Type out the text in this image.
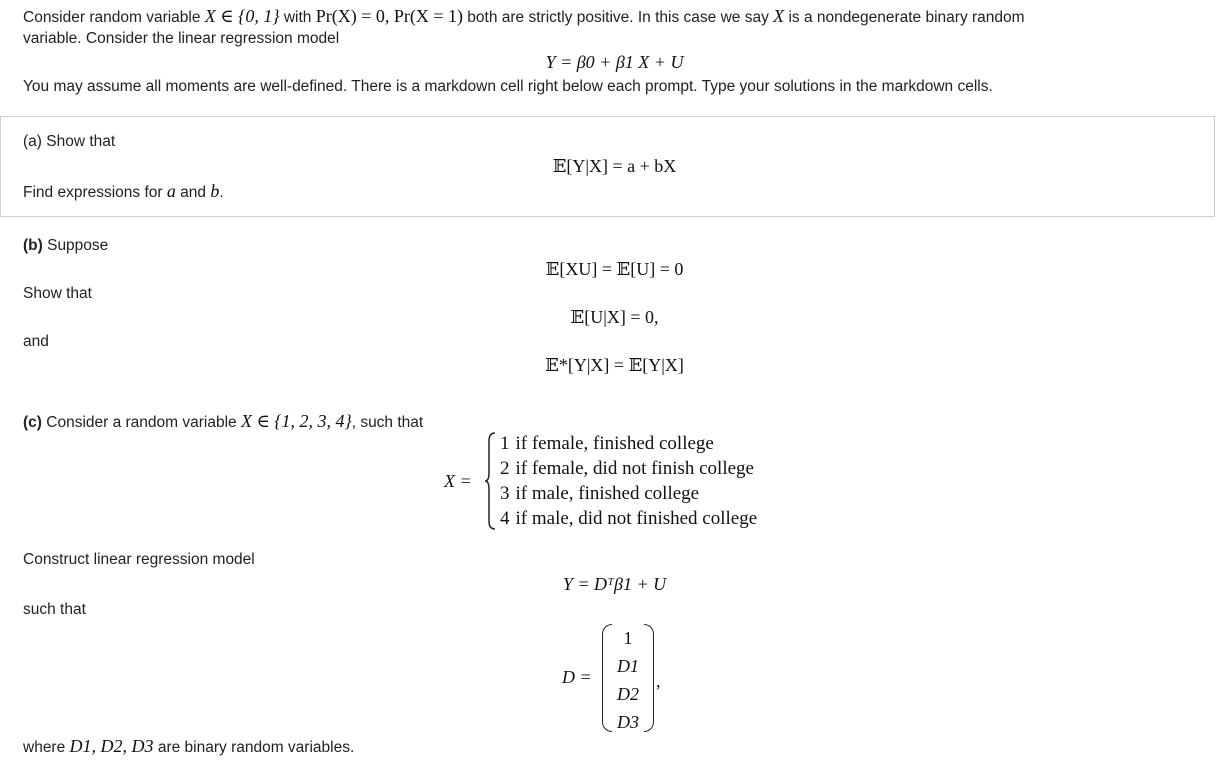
Consider random variable X ∈ {0, 1} with Pr(X) = 0, Pr(X = 1) both are strictly positive. In this case we say X is a nondegenerate binary random
variable. Consider the linear regression model
Y = β0 + β1 X + U
You may assume all moments are well-defined. There is a markdown cell right below each prompt. Type your solutions in the markdown cells.
(a) Show that
𝔼[Y|X] = a + bX
Find expressions for a and b.
(b) Suppose
𝔼[XU] = 𝔼[U] = 0
Show that
𝔼[U|X] = 0,
and
𝔼*[Y|X] = 𝔼[Y|X]
(c) Consider a random variable X ∈ {1, 2, 3, 4}, such that
X =
1	if female, finished college
2	if female, did not finish college
3	if male, finished college
4	if male, did not finished college
Construct linear regression model
Y = Dᵀβ1 + U
such that
D =
1
D1
D2
D3
,
where D1, D2, D3 are binary random variables.
